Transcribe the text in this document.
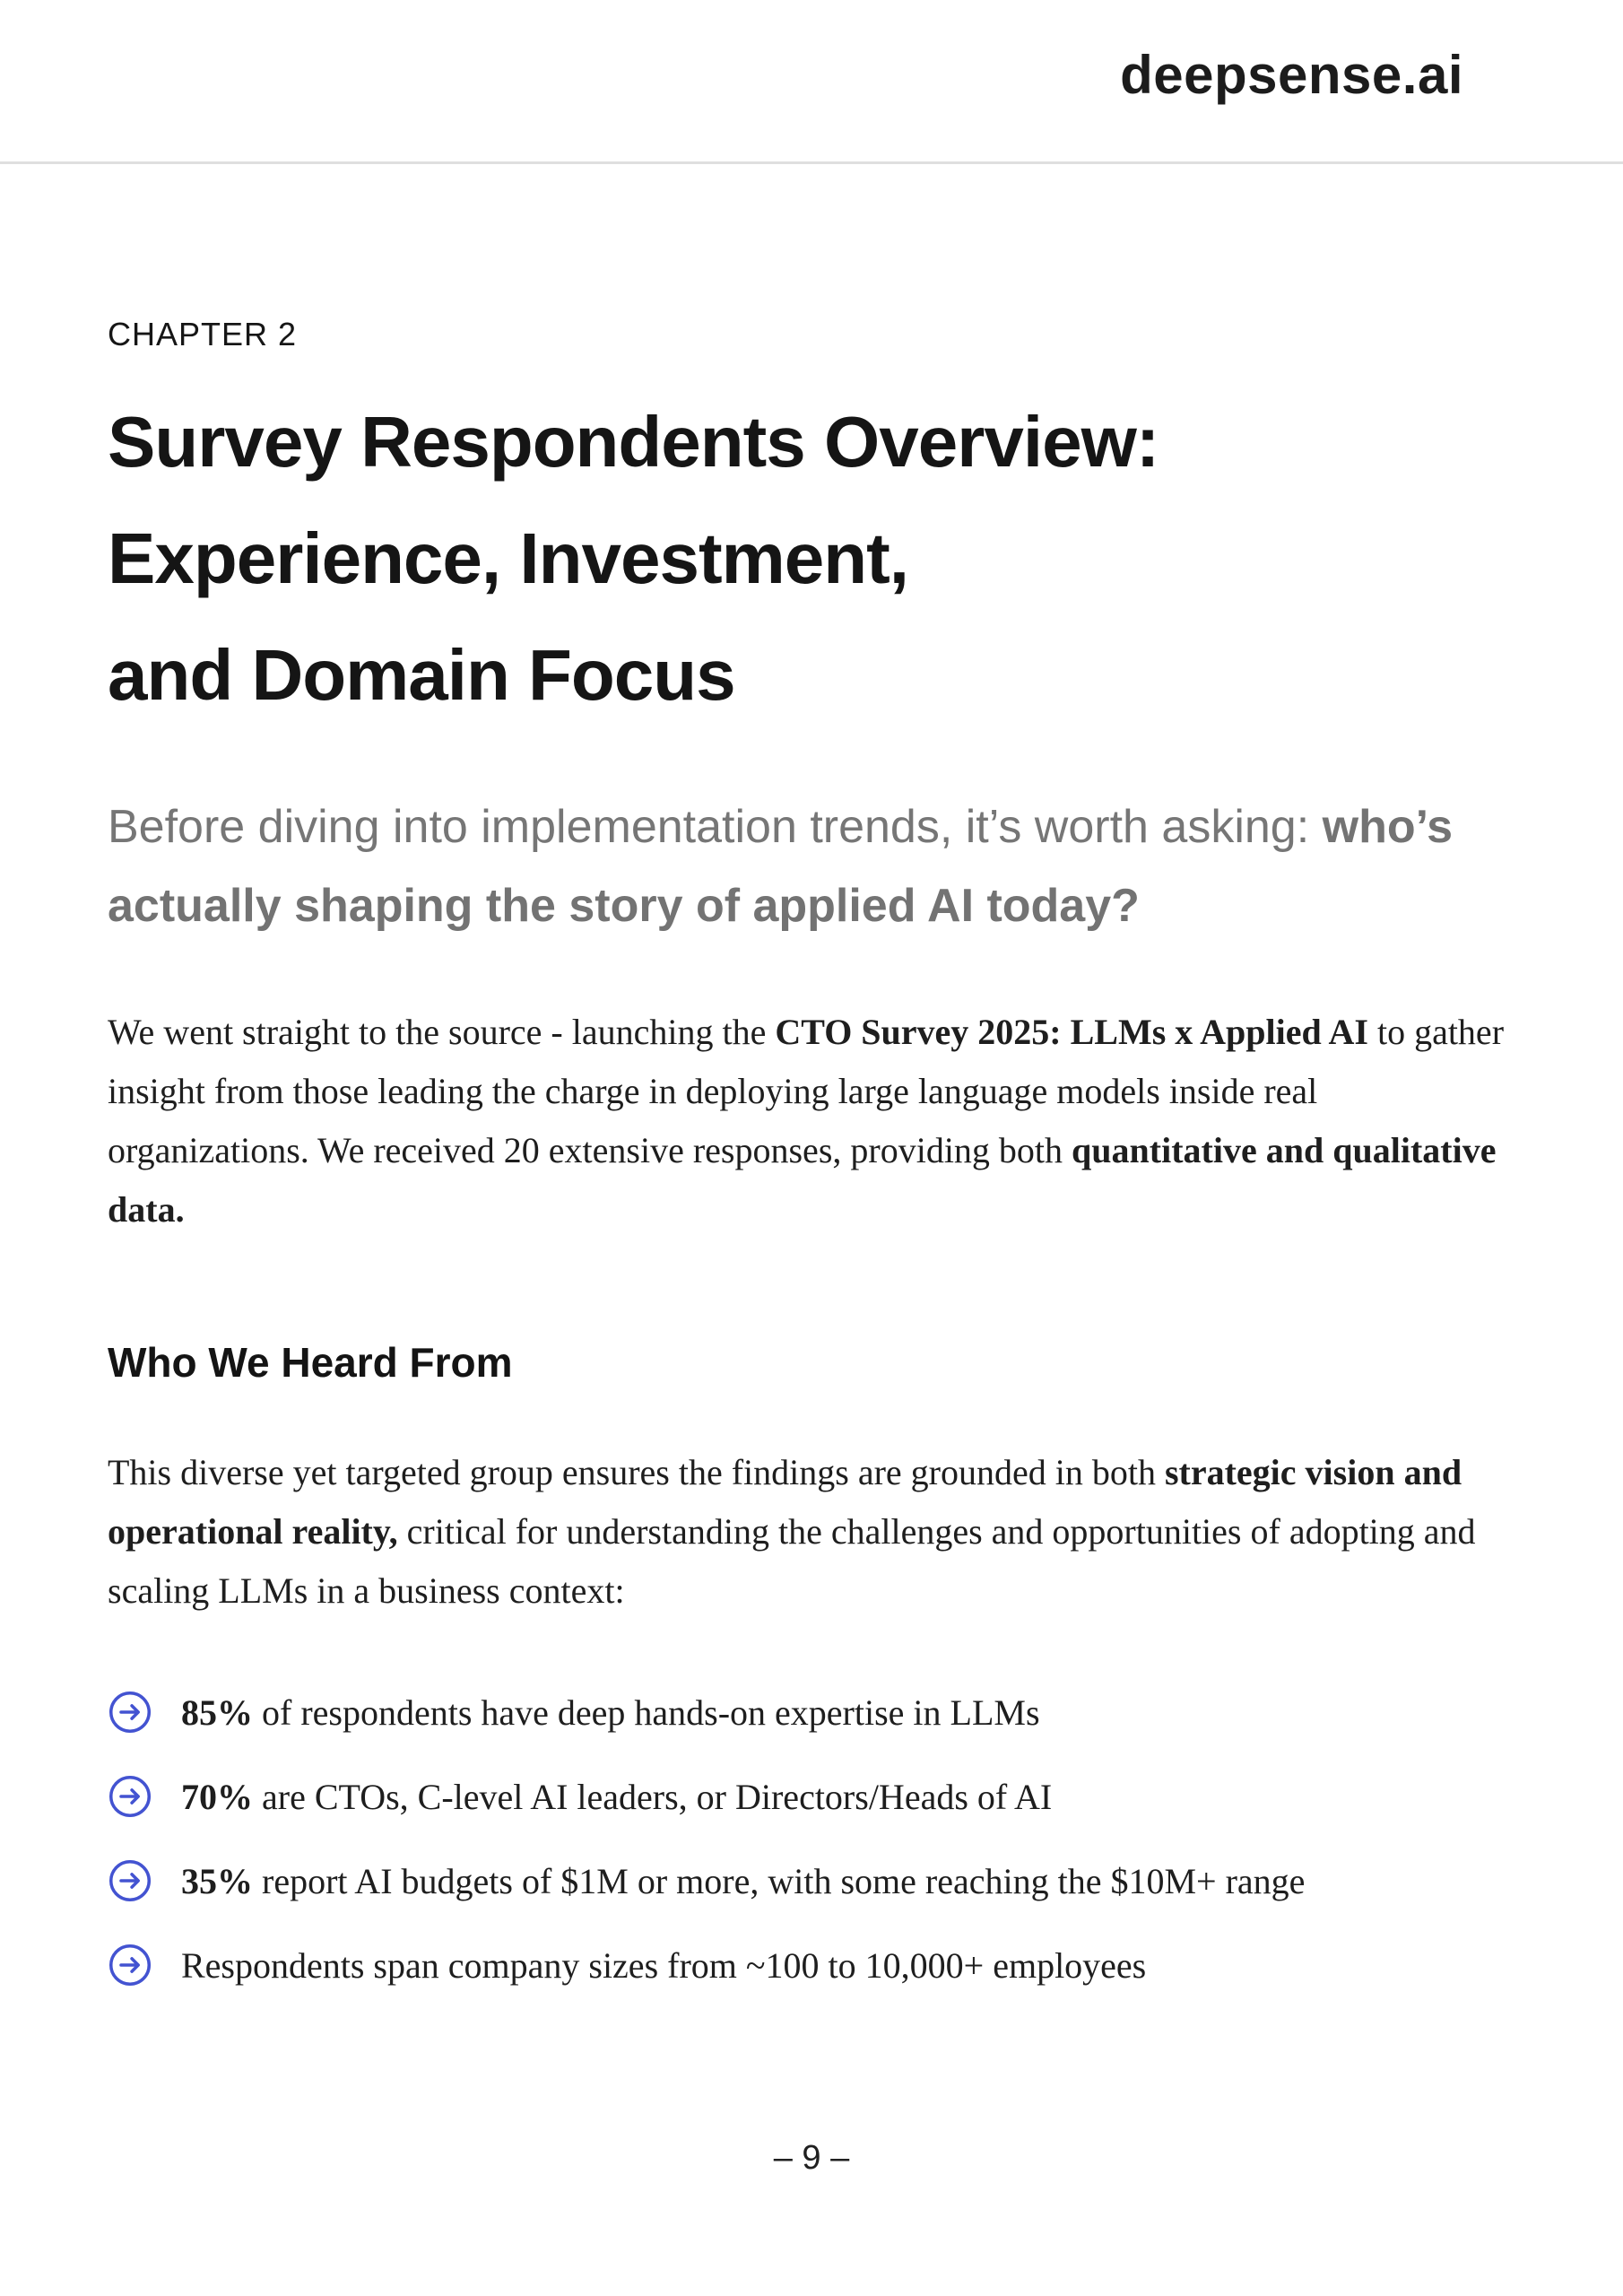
deepsense.ai
CHAPTER 2
Survey Respondents Overview:
Experience, Investment,
and Domain Focus
Before diving into implementation trends, it’s worth asking: who’s actually shaping the story of applied AI today?

We went straight to the source - launching the CTO Survey 2025: LLMs x Applied AI to gather insight from those leading the charge in deploying large language models inside real organizations. We received 20 extensive responses, providing both quantitative and qualitative data.

Who We Heard From

This diverse yet targeted group ensures the findings are grounded in both strategic vision and operational reality, critical for understanding the challenges and opportunities of adopting and scaling LLMs in a business context:

85% of respondents have deep hands-on expertise in LLMs
70% are CTOs, C-level AI leaders, or Directors/Heads of AI
35% report AI budgets of $1M or more, with some reaching the $10M+ range
Respondents span company sizes from ~100 to 10,000+ employees
– 9 –
